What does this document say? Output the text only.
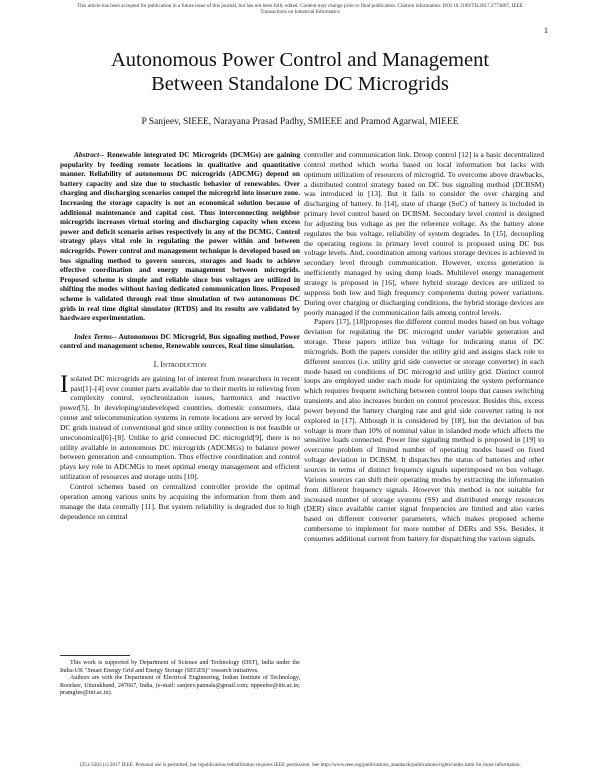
This article has been accepted for publication in a future issue of this journal, but has not been fully edited. Content may change prior to final publication. Citation information: DOI 10.1109/TII.2017.2773607, IEEE
Transactions on Industrial Informatics
1
Autonomous Power Control and Management
Between Standalone DC Microgrids
P Sanjeev, SIEEE, Narayana Prasad Padhy, SMIEEE and Pramod Agarwal, MIEEE

Abstract-- Renewable integrated DC Microgrids (DCMGs) are gaining popularity by feeding remote locations in qualitative and quantitative manner. Reliability of autonomous DC microgrids (ADCMG) depend on battery capacity and size due to stochastic behavior of renewables. Over charging and discharging scenarios compel the microgrid into insecure zone. Increasing the storage capacity is not an economical solution because of additional maintenance and capital cost. Thus interconnecting neighbor microgrids increases virtual storing and discharging capacity when excess power and deficit scenario arises respectively in any of the DCMG. Control strategy plays vital role in regulating the power within and between microgrids. Power control and management technique is developed based on bus signaling method to govern sources, storages and loads to achieve effective coordination and energy management between microgrids. Proposed scheme is simple and reliable since bus voltages are utilized in shifting the modes without having dedicated communication lines. Proposed scheme is validated through real time simulation of two autonomous DC grids in real time digital simulator (RTDS) and its results are validated by hardware experimentation.

Index Terms-- Autonomous DC Microgrid, Bus signaling method, Power control and management scheme, Renewable sources, Real time simulation.

I. Introduction

Isolated DC microgrids are gaining lot of interest from researchers in recent past[1]–[4] over counter parts available due to their merits in relieving from complexity control, synchronization issues, harmonics and reactive power[5]. In developing/undeveloped countries, domestic consumers, data center and telecommunication systems in remote locations are served by local DC grids instead of conventional grid since utility connection is not feasible or uneconomical[6]–[8]. Unlike to grid connected DC microgrid[9], there is no utility available in autonomous DC microgrids (ADCMGs) to balance power between generation and consumption. Thus effective coordination and control plays key role in ADCMGs to meet optimal energy management and efficient utilization of resources and storage units [10].

Control schemes based on centralized controller provide the optimal operation among various units by acquiring the information from them and manage the data centrally [11]. But system reliability is degraded due to high dependence on central

This work is supported by Department of Science and Technology (DST), India under the India-UK "Smart Energy Grid and Energy Storage (SEGES)" research initiatives.

Authors are with the Department of Electrical Engineering, Indian Institute of Technology, Roorkee, Uttarakhand, 247667, India, (e-mail: sanjeev.pannala@gmail.com; nppeefee@iitr.ac.in; pramgfee@iitr.ac.in).

controller and communication link. Droop control [12] is a basic decentralized control method which works based on local information but lacks with optimum utilization of resources of microgrid. To overcome above drawbacks, a distributed control strategy based on DC bus signaling method (DCBSM) was introduced in [13]. But it fails to consider the over charging and discharging of battery. In [14], state of charge (SoC) of battery is included in primary level control based on DCBSM. Secondary level control is designed for adjusting bus voltage as per the reference voltage. As the battery alone regulates the bus voltage, reliability of system degrades. In [15], decoupling the operating regions in primary level control is proposed using DC bus voltage levels. And, coordination among various storage devices is achieved in secondary level through communication. However, excess generation is inefficiently managed by using dump loads. Multilevel energy management strategy is proposed in [16], where hybrid storage devices are utilized to suppress both low and high frequency components during power variations. During over charging or discharging conditions, the hybrid storage devices are poorly managed if the communication fails among control levels.

Papers [17], [18]proposes the different control modes based on bus voltage deviation for regulating the DC microgrid under variable generation and storage. These papers utilize bus voltage for indicating status of DC microgrids. Both the papers consider the utility grid and assigns slack role to different sources (i.e. utility grid side converter or storage converter) in each mode based on conditions of DC microgrid and utility grid. Distinct control loops are employed under each mode for optimizing the system performance which requires frequent switching between control loops that causes switching transients and also increases burden on control processor. Besides this, excess power beyond the battery charging rate and grid side converter rating is not explored in [17]. Although it is considered by [18], but the deviation of bus voltage is more than 10% of nominal value in islanded mode which affects the sensitive loads connected. Power line signaling method is proposed in [19] to overcome problem of limited number of operating modes based on fixed voltage deviation in DCBSM. It dispatches the status of batteries and other sources in terms of distinct frequency signals superimposed on bus voltage. Various sources can shift their operating modes by extracting the information from different frequency signals. However this method is not suitable for increased number of storage systems (SS) and distributed energy resources (DER) since available carrier signal frequencies are limited and also varies based on different converter parameters, which makes proposed scheme cumbersome to implement for more number of DERs and SSs. Besides, it consumes additional current from battery for dispatching the various signals.

1551-3203 (c) 2017 IEEE. Personal use is permitted, but republication/redistribution requires IEEE permission. See http://www.ieee.org/publications_standards/publications/rights/index.html for more information.
